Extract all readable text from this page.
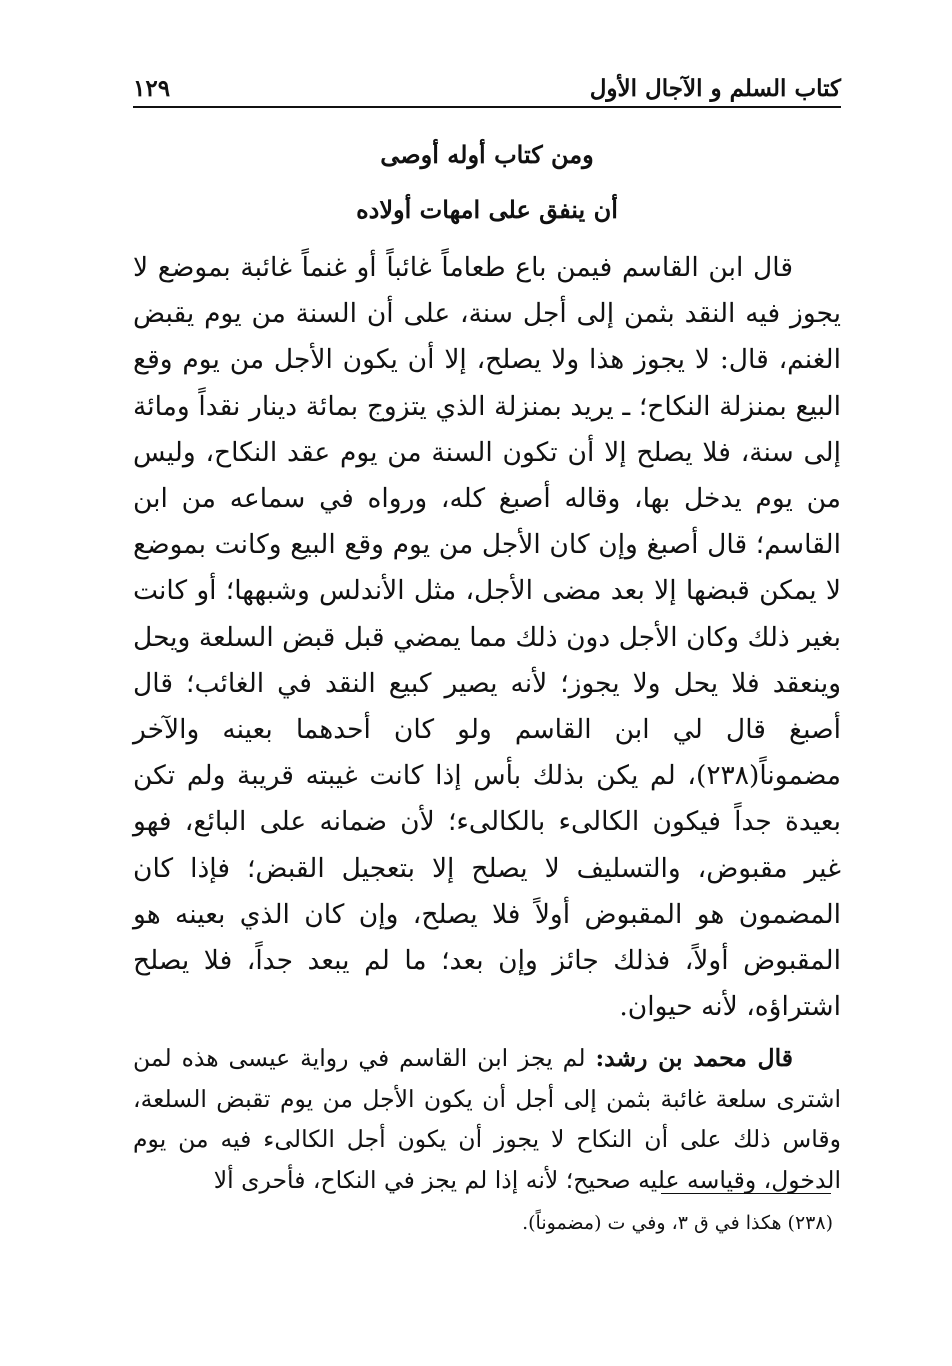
كتاب السلم و الآجال الأول
١٢٩
ومن كتاب أوله أوصى
أن ينفق على امهات أولاده

قال ابن القاسم فيمن باع طعاماً غائباً أو غنماً غائبة بموضع لا يجوز فيه النقد بثمن إلى أجل سنة، على أن السنة من يوم يقبض الغنم، قال: لا يجوز هذا ولا يصلح، إلا أن يكون الأجل من يوم وقع البيع بمنزلة النكاح؛ ـ يريد بمنزلة الذي يتزوج بمائة دينار نقداً ومائة إلى سنة، فلا يصلح إلا أن تكون السنة من يوم عقد النكاح، وليس من يوم يدخل بها، وقاله أصبغ كله، ورواه في سماعه من ابن القاسم؛ قال أصبغ وإن كان الأجل من يوم وقع البيع وكانت بموضع لا يمكن قبضها إلا بعد مضى الأجل، مثل الأندلس وشبهها؛ أو كانت بغير ذلك وكان الأجل دون ذلك مما يمضي قبل قبض السلعة ويحل وينعقد فلا يحل ولا يجوز؛ لأنه يصير كبيع النقد في الغائب؛ قال أصبغ قال لي ابن القاسم ولو كان أحدهما بعينه والآخر مضموناً(٢٣٨)، لم يكن بذلك بأس إذا كانت غيبته قريبة ولم تكن بعيدة جداً فيكون الكالىء بالكالىء؛ لأن ضمانه على البائع، فهو غير مقبوض، والتسليف لا يصلح إلا بتعجيل القبض؛ فإذا كان المضمون هو المقبوض أولاً فلا يصلح، وإن كان الذي بعينه هو المقبوض أولاً، فذلك جائز وإن بعد؛ ما لم يبعد جداً، فلا يصلح اشتراؤه، لأنه حيوان.

قال محمد بن رشد: لم يجز ابن القاسم في رواية عيسى هذه لمن اشترى سلعة غائبة بثمن إلى أجل أن يكون الأجل من يوم تقبض السلعة، وقاس ذلك على أن النكاح لا يجوز أن يكون أجل الكالىء فيه من يوم الدخول، وقياسه عليه صحيح؛ لأنه إذا لم يجز في النكاح، فأحرى ألا

(٢٣٨) هكذا في ق ٣، وفي ت (مضموناً).
